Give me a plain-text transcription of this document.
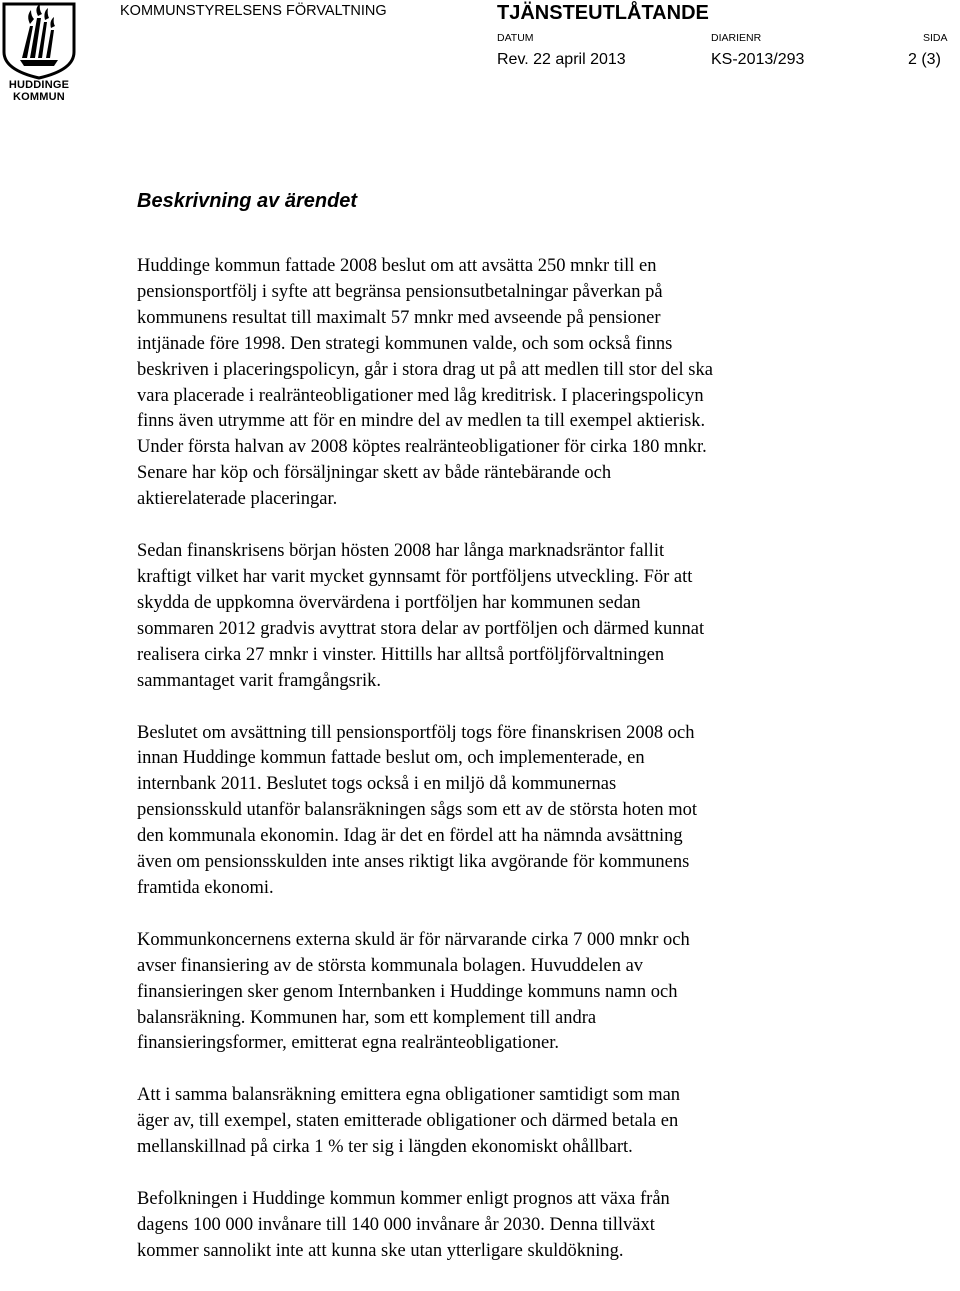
HUDDINGE
KOMMUN
KOMMUNSTYRELSENS FÖRVALTNING	TJÄNSTEUTLÅTANDE
DATUM	DIARIENR	SIDA
Rev. 22 april 2013	KS-2013/293	2 (3)
Beskrivning av ärendet

Huddinge kommun fattade 2008 beslut om att avsätta 250 mnkr till en
pensionsportfölj i syfte att begränsa pensionsutbetalningar påverkan på
kommunens resultat till maximalt 57 mnkr med avseende på pensioner
intjänade före 1998. Den strategi kommunen valde, och som också finns
beskriven i placeringspolicyn, går i stora drag ut på att medlen till stor del ska
vara placerade i realränteobligationer med låg kreditrisk. I placeringspolicyn
finns även utrymme att för en mindre del av medlen ta till exempel aktierisk.
Under första halvan av 2008 köptes realränteobligationer för cirka 180 mnkr.
Senare har köp och försäljningar skett av både räntebärande och
aktierelaterade placeringar.

Sedan finanskrisens början hösten 2008 har långa marknadsräntor fallit
kraftigt vilket har varit mycket gynnsamt för portföljens utveckling. För att
skydda de uppkomna övervärdena i portföljen har kommunen sedan
sommaren 2012 gradvis avyttrat stora delar av portföljen och därmed kunnat
realisera cirka 27 mnkr i vinster. Hittills har alltså portföljförvaltningen
sammantaget varit framgångsrik.

Beslutet om avsättning till pensionsportfölj togs före finanskrisen 2008 och
innan Huddinge kommun fattade beslut om, och implementerade, en
internbank 2011. Beslutet togs också i en miljö då kommunernas
pensionsskuld utanför balansräkningen sågs som ett av de största hoten mot
den kommunala ekonomin. Idag är det en fördel att ha nämnda avsättning
även om pensionsskulden inte anses riktigt lika avgörande för kommunens
framtida ekonomi.

Kommunkoncernens externa skuld är för närvarande cirka 7 000 mnkr och
avser finansiering av de största kommunala bolagen. Huvuddelen av
finansieringen sker genom Internbanken i Huddinge kommuns namn och
balansräkning. Kommunen har, som ett komplement till andra
finansieringsformer, emitterat egna realränteobligationer.

Att i samma balansräkning emittera egna obligationer samtidigt som man
äger av, till exempel, staten emitterade obligationer och därmed betala en
mellanskillnad på cirka 1 % ter sig i längden ekonomiskt ohållbart.

Befolkningen i Huddinge kommun kommer enligt prognos att växa från
dagens 100 000 invånare till 140 000 invånare år 2030. Denna tillväxt
kommer sannolikt inte att kunna ske utan ytterligare skuldökning.
